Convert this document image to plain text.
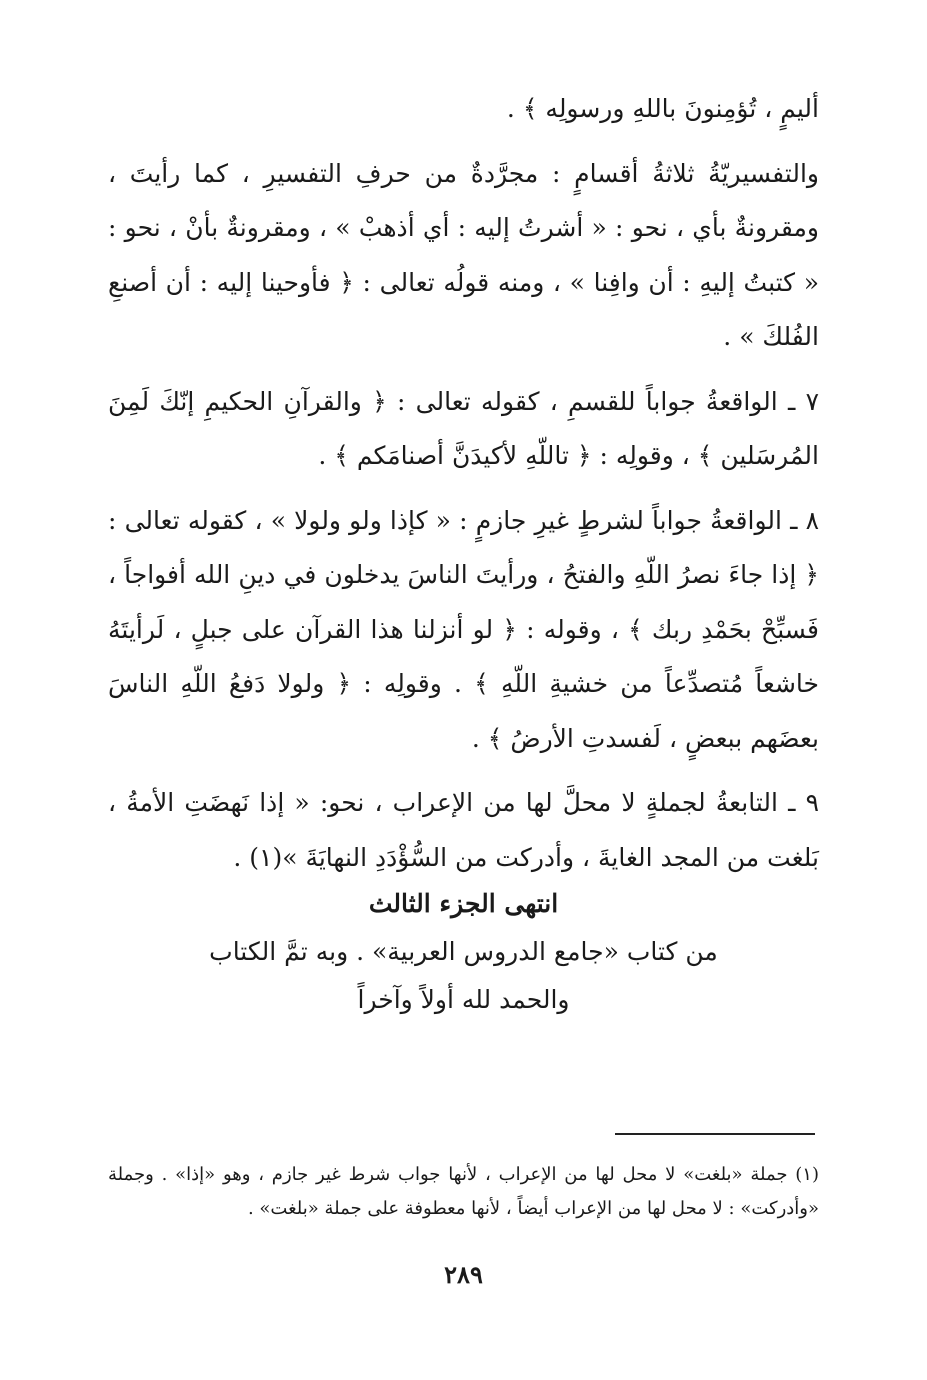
أليمٍ ، تُؤمِنونَ باللهِ ورسولِه ﴾ .

والتفسيريّةُ ثلاثةُ أقسامٍ : مجرَّدةٌ من حرفِ التفسيرِ ، كما رأيتَ ، ومقرونةٌ بأي ، نحو : « أشرتُ إليه : أي أذهبْ » ، ومقرونةٌ بأنْ ، نحو : « كتبتُ إليهِ : أن وافِنا » ، ومنه قولُه تعالى : ﴿ فأوحينا إليه : أن أصنعِ الفُلكَ » .

٧ ـ الواقعةُ جواباً للقسمِ ، كقوله تعالى : ﴿ والقرآنِ الحكيمِ إنّكَ لَمِنَ المُرسَلين ﴾ ، وقولِه : ﴿ تاللّهِ لأكيدَنَّ أصنامَكم ﴾ .

٨ ـ الواقعةُ جواباً لشرطٍ غيرِ جازمٍ : « كإذا ولو ولولا » ، كقوله تعالى : ﴿ إذا جاءَ نصرُ اللّهِ والفتحُ ، ورأيتَ الناسَ يدخلون في دينِ الله أفواجاً ، فَسبِّحْ بحَمْدِ ربك ﴾ ، وقوله : ﴿ لو أنزلنا هذا القرآن على جبلٍ ، لَرأيتَهُ خاشعاً مُتصدِّعاً من خشيةِ اللّهِ ﴾ . وقولِه : ﴿ ولولا دَفعُ اللّهِ الناسَ بعضَهم ببعضٍ ، لَفسدتِ الأرضُ ﴾ .

٩ ـ التابعةُ لجملةٍ لا محلَّ لها من الإعراب ، نحو: « إذا نَهضَتِ الأمةُ ، بَلغت من المجد الغايةَ ، وأدركت من السُّؤْدَدِ النهايَةَ »(١) .

انتهى الجزء الثالث

من كتاب «جامع الدروس العربية» . وبه تمَّ الكتاب

والحمد لله أولاً وآخراً

(١) جملة «بلغت» لا محل لها من الإعراب ، لأنها جواب شرط غير جازم ، وهو «إذا» . وجملة «وأدركت» : لا محل لها من الإعراب أيضاً ، لأنها معطوفة على جملة «بلغت» .

٢٨٩
